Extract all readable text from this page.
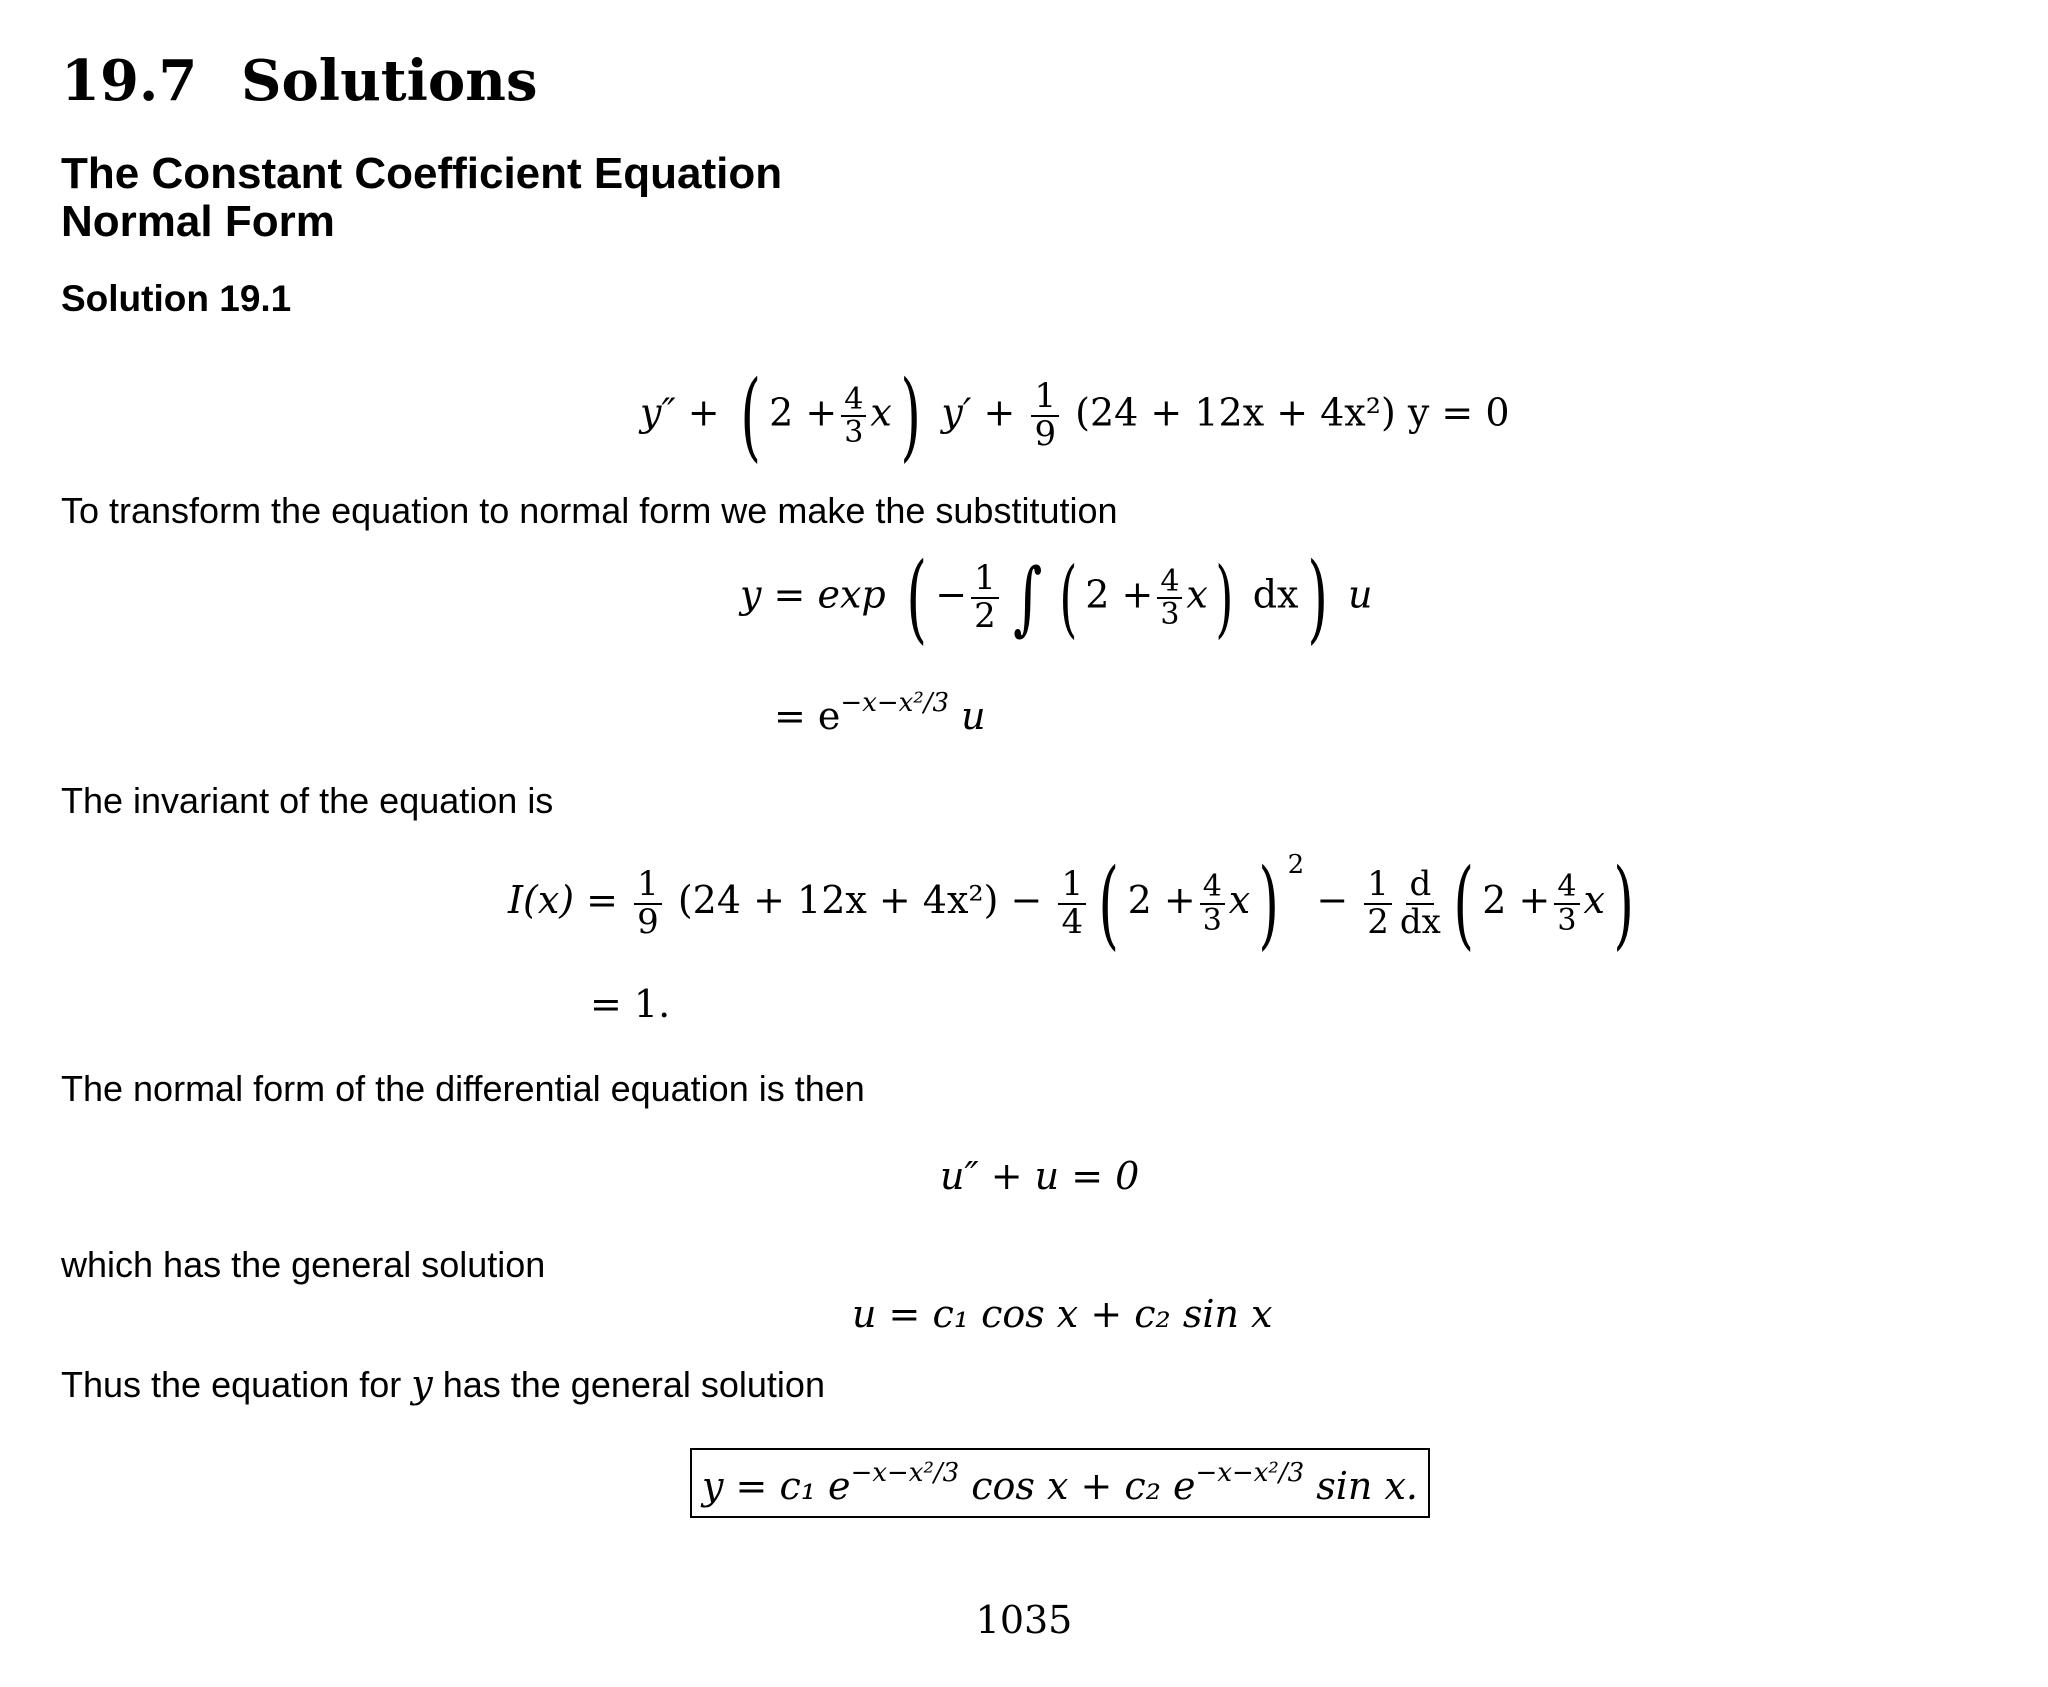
19.7 Solutions
The Constant Coefficient Equation
Normal Form
Solution 19.1
y″ + ( $2 + \frac{4}{3} x$) $y' + \frac{1}{9} (24 + 12x + 4x^2) y = 0$
To transform the equation to normal form we make the substitution
y = exp ( − $\frac{1}{2}$ ∫ ( $2 + \frac{4}{3} x$) dx) u
= $e^{-x-x^2/3}$ u
The invariant of the equation is
$I(x) = \frac{1}{9} (24 + 12x + 4x^2) - \frac{1}{4}$ ( $2 + \frac{4}{3} x$) $^2 - \frac{1}{2} \frac{d}{dx}$ ( $2 + \frac{4}{3} x$)
= 1.
The normal form of the differential equation is then
u″ + u = 0
which has the general solution
u = c₁ cos x + c₂ sin x
Thus the equation for y has the general solution
y = c₁ $e^{-x-x^2/3}$ cos x + c₂ $e^{-x-x^2/3}$ sin x.
1035
